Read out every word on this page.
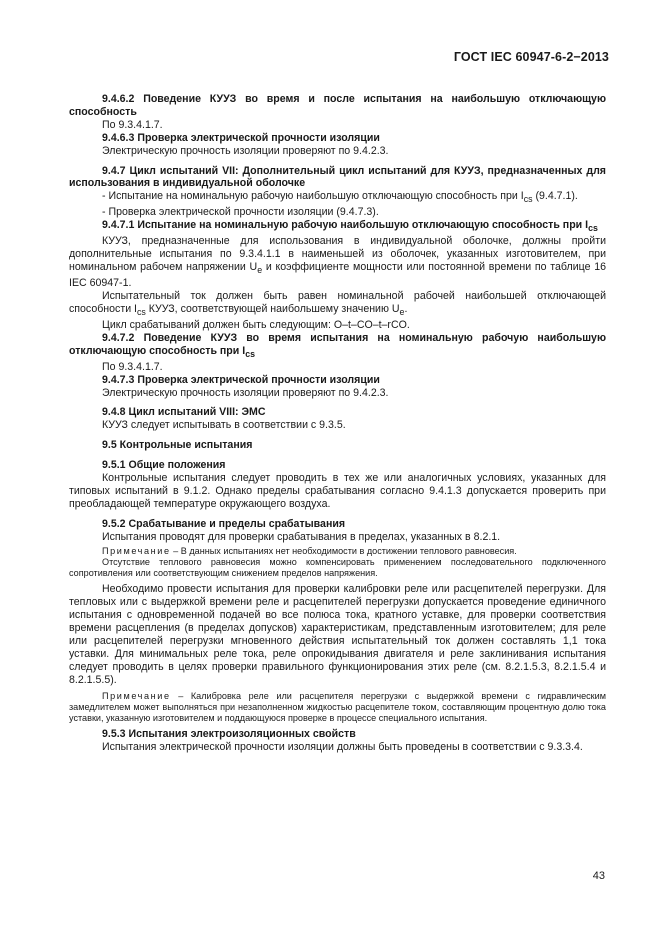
ГОСТ IEC 60947-6-2−2013

9.4.6.2 Поведение КУУЗ во время и после испытания на наибольшую отключающую способность

По 9.3.4.1.7.

9.4.6.3 Проверка электрической прочности изоляции

Электрическую прочность изоляции проверяют по 9.4.2.3.

9.4.7 Цикл испытаний VII: Дополнительный цикл испытаний для КУУЗ, предназначенных для использования в индивидуальной оболочке

- Испытание на номинальную рабочую наибольшую отключающую способность при $I_{cs}$ (9.4.7.1).

- Проверка электрической прочности изоляции (9.4.7.3).

9.4.7.1 Испытание на номинальную рабочую наибольшую отключающую способность при $I_{cs}$

КУУЗ, предназначенные для использования в индивидуальной оболочке, должны пройти дополнительные испытания по 9.3.4.1.1 в наименьшей из оболочек, указанных изготовителем, при номинальном рабочем напряжении $U_e$ и коэффициенте мощности или постоянной времени по таблице 16 IEC 60947-1.

Испытательный ток должен быть равен номинальной рабочей наибольшей отключающей способности $I_{cs}$ КУУЗ, соответствующей наибольшему значению $U_e$.

Цикл срабатываний должен быть следующим: O–t–CO–t–rCO.

9.4.7.2 Поведение КУУЗ во время испытания на номинальную рабочую наибольшую отключающую способность при $I_{cs}$

По 9.3.4.1.7.

9.4.7.3 Проверка электрической прочности изоляции

Электрическую прочность изоляции проверяют по 9.4.2.3.

9.4.8 Цикл испытаний VIII: ЭМС

КУУЗ следует испытывать в соответствии с 9.3.5.

9.5 Контрольные испытания

9.5.1 Общие положения

Контрольные испытания следует проводить в тех же или аналогичных условиях, указанных для типовых испытаний в 9.1.2. Однако пределы срабатывания согласно 9.4.1.3 допускается проверить при преобладающей температуре окружающего воздуха.

9.5.2 Срабатывание и пределы срабатывания

Испытания проводят для проверки срабатывания в пределах, указанных в 8.2.1.

Примечание – В данных испытаниях нет необходимости в достижении теплового равновесия.

Отсутствие теплового равновесия можно компенсировать применением последовательного подключенного сопротивления или соответствующим снижением пределов напряжения.

Необходимо провести испытания для проверки калибровки реле или расцепителей перегрузки. Для тепловых или с выдержкой времени реле и расцепителей перегрузки допускается проведение единичного испытания с одновременной подачей во все полюса тока, кратного уставке, для проверки соответствия времени расцепления (в пределах допусков) характеристикам, представленным изготовителем; для реле или расцепителей перегрузки мгновенного действия испытательный ток должен составлять 1,1 тока уставки. Для минимальных реле тока, реле опрокидывания двигателя и реле заклинивания испытания следует проводить в целях проверки правильного функционирования этих реле (см. 8.2.1.5.3, 8.2.1.5.4 и 8.2.1.5.5).

Примечание – Калибровка реле или расцепителя перегрузки с выдержкой времени с гидравлическим замедлителем может выполняться при незаполненном жидкостью расцепителе током, составляющим процентную долю тока уставки, указанную изготовителем и поддающуюся проверке в процессе специального испытания.

9.5.3 Испытания электроизоляционных свойств

Испытания электрической прочности изоляции должны быть проведены в соответствии с 9.3.3.4.

43
